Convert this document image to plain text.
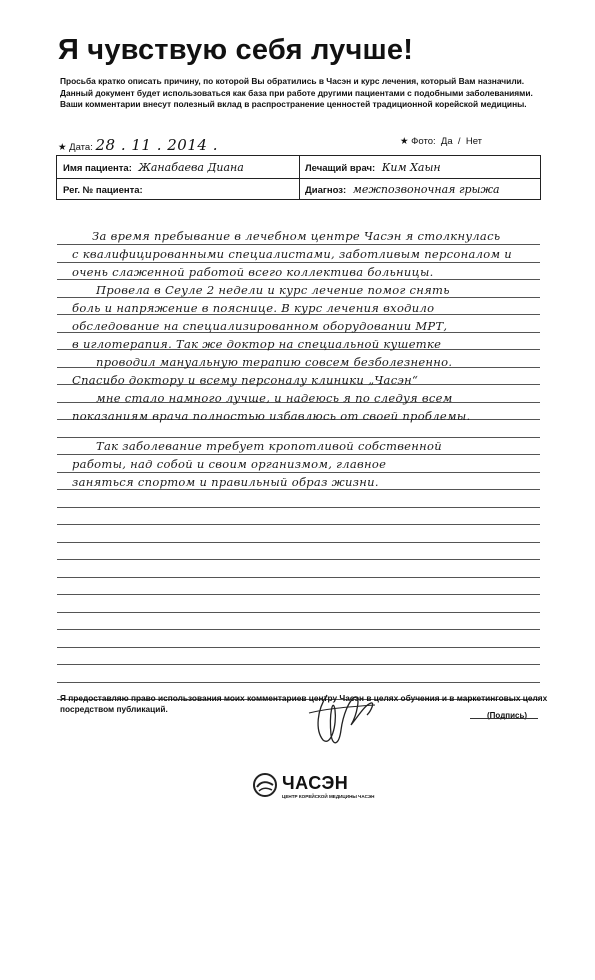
Я чувствую себя лучше!
Просьба кратко описать причину, по которой Вы обратились в Часэн и курс лечения, который Вам назначили.
Данный документ будет использоваться как база при работе другими пациентами с подобными заболеваниями.
Ваши комментарии внесут полезный вклад в распространение ценностей традиционной корейской медицины.
★ Дата: 28 . 11 . 2014 .	★ Фото: Да / Нет
Имя пациента: Жанабаева Диана	Лечащий врач: Ким Хаын
Рег. № пациента:	Диагноз: межпозвоночная грыжа
За время пребывание в лечебном центре Часэн я столкнулась
с квалифицированными специалистами, заботливым персоналом и
очень слаженной работой всего коллектива больницы.
Провела в Сеуле 2 недели и курс лечение помог снять
боль и напряжение в пояснице. В курс лечения входило
обследование на специализированном оборудовании МРТ,
в иглотерапия. Так же доктор на специальной кушетке
проводил мануальную терапию совсем безболезненно.
Спасибо доктору и всему персоналу клиники „Часэн“
мне стало намного лучше, и надеюсь я по следуя всем
показаниям врача полностью избавлюсь от своей проблемы.
Так заболевание требует кропотливой собственной
работы, над собой и своим организмом, главное
заняться спортом и правильный образ жизни.
Я предоставляю право использования моих комментариев центру Часэн в целях обучения и в маркетинговых целях посредством публикаций.
(Подпись)
ЧАСЭН
ЦЕНТР КОРЕЙСКОЙ МЕДИЦИНЫ ЧАСЭН
